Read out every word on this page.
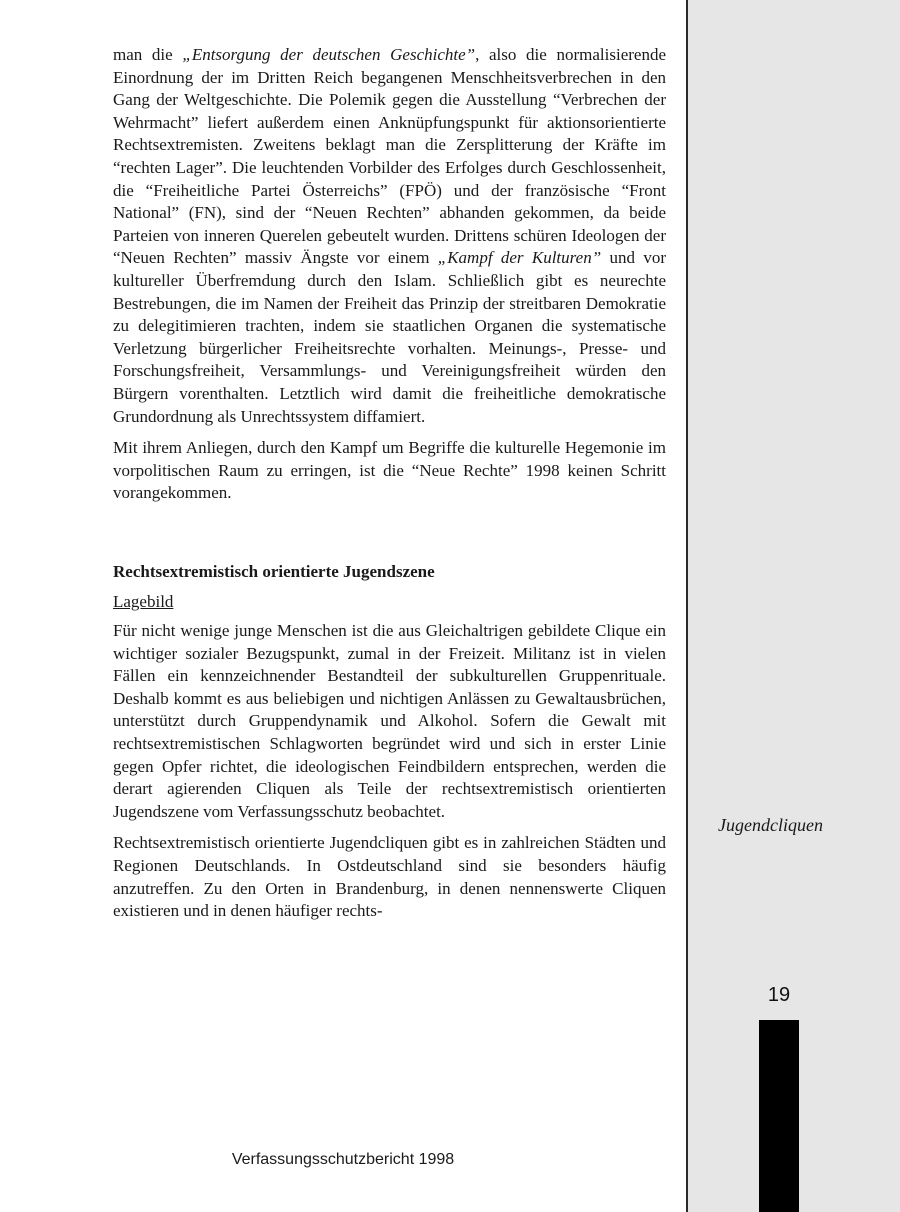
Jugendcliquen
19

man die „Entsorgung der deutschen Geschichte”, also die normalisierende Einordnung der im Dritten Reich begangenen Menschheitsverbrechen in den Gang der Weltgeschichte. Die Polemik gegen die Ausstellung “Verbrechen der Wehrmacht” liefert außerdem einen Anknüpfungspunkt für aktionsorientierte Rechtsextremisten. Zweitens beklagt man die Zersplitterung der Kräfte im “rechten Lager”. Die leuchtenden Vorbilder des Erfolges durch Geschlossenheit, die “Freiheitliche Partei Österreichs” (FPÖ) und der französische “Front National” (FN), sind der “Neuen Rechten” abhanden gekommen, da beide Parteien von inneren Querelen gebeutelt wurden. Drittens schüren Ideologen der “Neuen Rechten” massiv Ängste vor einem „Kampf der Kulturen” und vor kultureller Überfremdung durch den Islam. Schließlich gibt es neurechte Bestrebungen, die im Namen der Freiheit das Prinzip der streitbaren Demokratie zu delegitimieren trachten, indem sie staatlichen Organen die systematische Verletzung bürgerlicher Freiheitsrechte vorhalten. Meinungs-, Presse- und Forschungsfreiheit, Versammlungs- und Vereinigungsfreiheit würden den Bürgern vorenthalten. Letztlich wird damit die freiheitliche demokratische Grundordnung als Unrechtssystem diffamiert.

Mit ihrem Anliegen, durch den Kampf um Begriffe die kulturelle Hegemonie im vorpolitischen Raum zu erringen, ist die “Neue Rechte” 1998 keinen Schritt vorangekommen.

Rechtsextremistisch orientierte Jugendszene

Lagebild

Für nicht wenige junge Menschen ist die aus Gleichaltrigen gebildete Clique ein wichtiger sozialer Bezugspunkt, zumal in der Freizeit. Militanz ist in vielen Fällen ein kennzeichnender Bestandteil der subkulturellen Gruppenrituale. Deshalb kommt es aus beliebigen und nichtigen Anlässen zu Gewaltausbrüchen, unterstützt durch Gruppendynamik und Alkohol. Sofern die Gewalt mit rechtsextremistischen Schlagworten begründet wird und sich in erster Linie gegen Opfer richtet, die ideologischen Feindbildern entsprechen, werden die derart agierenden Cliquen als Teile der rechtsextremistisch orientierten Jugendszene vom Verfassungsschutz beobachtet.

Rechtsextremistisch orientierte Jugendcliquen gibt es in zahlreichen Städten und Regionen Deutschlands. In Ostdeutschland sind sie besonders häufig anzutreffen. Zu den Orten in Brandenburg, in denen nennenswerte Cliquen existieren und in denen häufiger rechts-

Verfassungsschutzbericht 1998
